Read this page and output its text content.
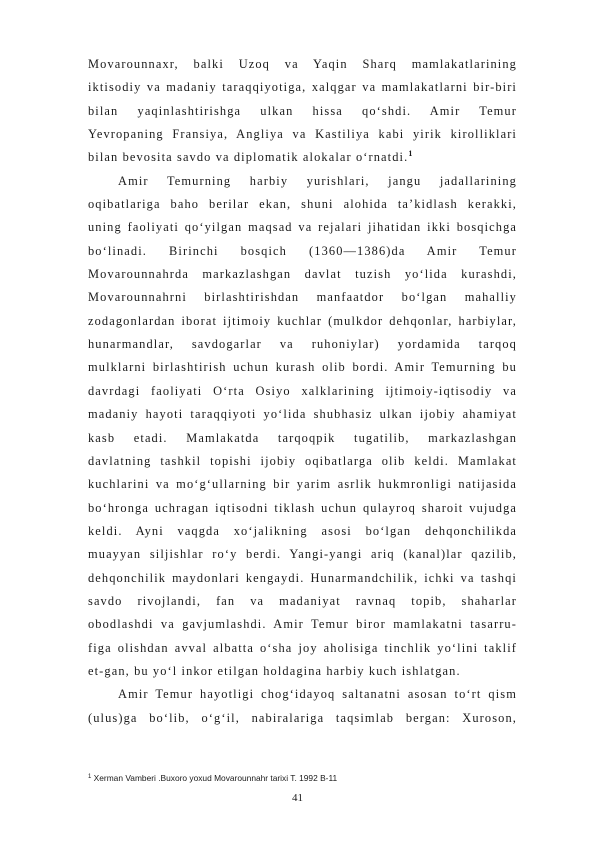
Movarounnaxr, balki Uzoq va Yaqin Sharq mamlakatlarining
iktisodiy va madaniy taraqqiyotiga, xalqgar va mamlakatlarni bir-biri
bilan yaqinlashtirishga ulkan hissa qo‘shdi. Amir Temur
Yevropaning Fransiya, Angliya va Kastiliya kabi yirik kirolliklari
bilan bevosita savdo va diplomatik alokalar o‘rnatdi.$^1$
Amir Temurning harbiy yurishlari, jangu jadallarining
oqibatlariga baho berilar ekan, shuni alohida ta’kidlash kerakki,
uning faoliyati qo‘yilgan maqsad va rejalari jihatidan ikki bosqichga
bo‘linadi. Birinchi bosqich (1360—1386)da Amir Temur
Movarounnahrda markazlashgan davlat tuzish yo‘lida kurashdi,
Movarounnahrni birlashtirishdan manfaatdor bo‘lgan mahalliy
zodagonlardan iborat ijtimoiy kuchlar (mulkdor dehqonlar, harbiylar,
hunarmandlar, savdogarlar va ruhoniylar) yordamida tarqoq
mulklarni birlashtirish uchun kurash olib bordi. Amir Temurning bu
davrdagi faoliyati O‘rta Osiyo xalklarining ijtimoiy-iqtisodiy va
madaniy hayoti taraqqiyoti yo‘lida shubhasiz ulkan ijobiy ahamiyat
kasb etadi. Mamlakatda tarqoqpik tugatilib, markazlashgan
davlatning tashkil topishi ijobiy oqibatlarga olib keldi. Mamlakat
kuchlarini va mo‘g‘ullarning bir yarim asrlik hukmronligi natijasida
bo‘hronga uchragan iqtisodni tiklash uchun qulayroq sharoit vujudga
keldi. Ayni vaqgda xo‘jalikning asosi bo‘lgan dehqonchilikda
muayyan siljishlar ro‘y berdi. Yangi-yangi ariq (kanal)lar qazilib,
dehqonchilik maydonlari kengaydi. Hunarmandchilik, ichki va tashqi
savdo rivojlandi, fan va madaniyat ravnaq topib, shaharlar
obodlashdi va gavjumlashdi. Amir Temur biror mamlakatni tasarru-
figa olishdan avval albatta o‘sha joy aholisiga tinchlik yo‘lini taklif
et-gan, bu yo‘l inkor etilgan holdagina harbiy kuch ishlatgan.
Amir Temur hayotligi chog‘idayoq saltanatni asosan to‘rt qism
(ulus)ga bo‘lib, o‘g‘il, nabiralariga taqsimlab bergan: Xuroson,
$^1$ Xerman Vamberi .Buxoro yoxud Movarounnahr tarixi T. 1992 B-11
41
